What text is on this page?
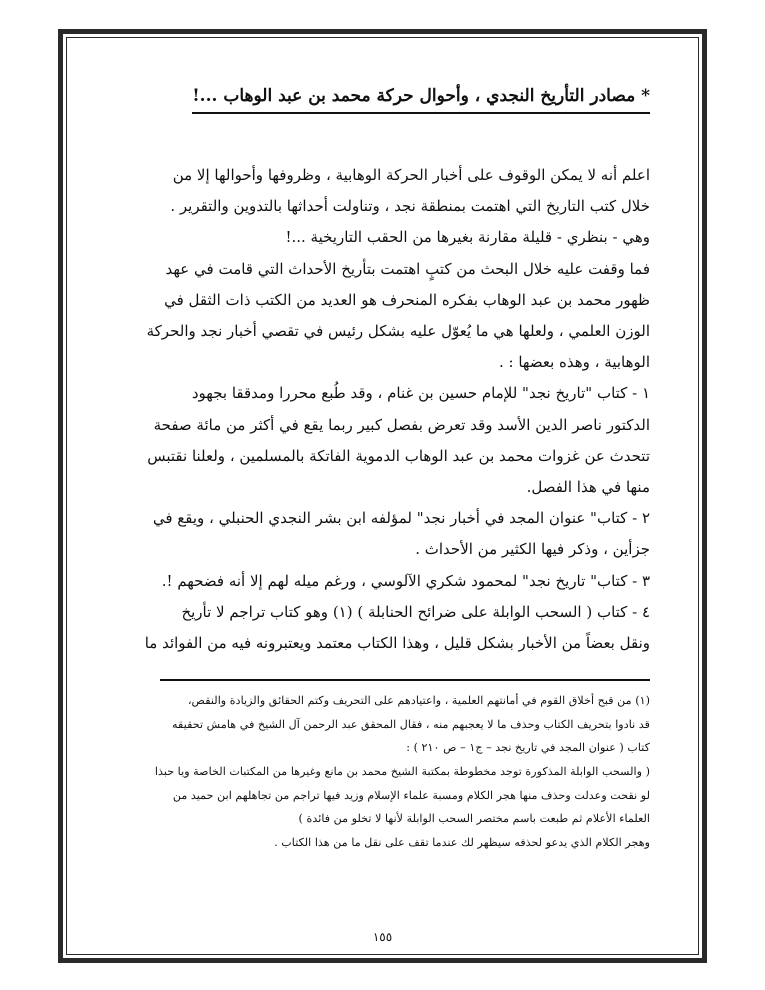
* مصادر التأريخ النجدي ، وأحوال حركة محمد بن عبد الوهاب ...!

اعلم أنه لا يمكن الوقوف على أخبار الحركة الوهابية ، وظروفها وأحوالها إلا من

خلال كتب التاريخ التي اهتمت بمنطقة نجد ، وتناولت أحداثها بالتدوين والتقرير .

وهي - بنظري - قليلة مقارنة بغيرها من الحقب التاريخية ...!

فما وقفت عليه خلال البحث من كتبٍ اهتمت بتأريخ الأحداث التي قامت في عهد

ظهور محمد بن عبد الوهاب بفكره المنحرف هو العديد من الكتب ذات الثقل في

الوزن العلمي ، ولعلها هي ما يُعوّل عليه بشكل رئيس في تقصي أخبار نجد والحركة

الوهابية ، وهذه بعضها : .

١ - كتاب "تاريخ نجد" للإمام حسين بن غنام ، وقد طُبع محررا ومدققا بجهود

الدكتور ناصر الدين الأسد وقد تعرض بفصل كبير ربما يقع في أكثر من مائة صفحة

تتحدث عن غزوات محمد بن عبد الوهاب الدموية الفاتكة بالمسلمين ، ولعلنا نقتبس

منها في هذا الفصل.

٢ - كتاب" عنوان المجد في أخبار نجد" لمؤلفه ابن بشر النجدي الحنبلي ، ويقع في

جزأين ، وذكر فيها الكثير من الأحداث .

٣ - كتاب" تاريخ نجد" لمحمود شكري الآلوسي ، ورغم ميله لهم إلا أنه فضحهم !.

٤ - كتاب ( السحب الوابلة على ضرائح الحنابلة ) (١) وهو كتاب تراجم لا تأريخ

ونقل بعضاً من الأخبار بشكل قليل ، وهذا الكتاب معتمد ويعتبرونه فيه من الفوائد ما

(١) من قبح أخلاق القوم في أمانتهم العلمية ، واعتيادهم على التحريف وكتم الحقائق والزيادة والنقص،

قد نادوا بتحريف الكتاب وحذف ما لا يعجبهم منه ، فقال المحقق عبد الرحمن آل الشيخ في هامش تحقيقه

كتاب ( عنوان المجد في تاريخ نجد – ج١ – ص ٢١٠ ) :

( والسحب الوابلة المذكورة توجد مخطوطة بمكتبة الشيخ محمد بن مانع وغيرها من المكتبات الخاصة ويا حبذا

لو نقحت وعدلت وحذف منها هجر الكلام ومسبة علماء الإسلام وزيد فيها تراجم من تجاهلهم ابن حميد من

العلماء الأعلام ثم طبعت باسم مختصر السحب الوابلة لأنها لا تخلو من فائدة )

وهجر الكلام الذي يدعو لحذفه سيظهر لك عندما تقف على نقل ما من هذا الكتاب .

١٥٥
